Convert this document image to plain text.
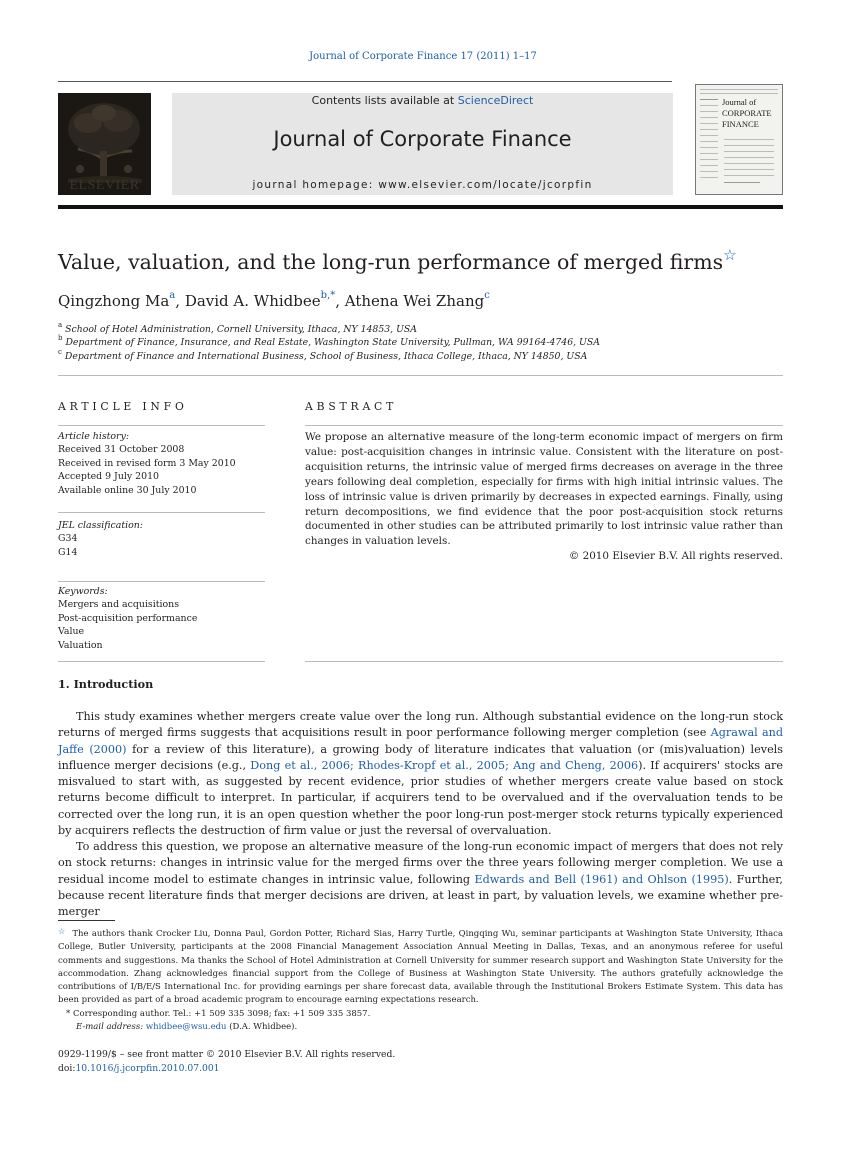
Journal of Corporate Finance 17 (2011) 1–17
ELSEVIER
Contents lists available at ScienceDirect
Journal of Corporate Finance
journal homepage: www.elsevier.com/locate/jcorpfin
Journal of CORPORATE FINANCE
Value, valuation, and the long-run performance of merged firms☆
Qingzhong Ma$^a$, David A. Whidbee$^{b,*}$, Athena Wei Zhang$^c$
$^a$ School of Hotel Administration, Cornell University, Ithaca, NY 14853, USA
$^b$ Department of Finance, Insurance, and Real Estate, Washington State University, Pullman, WA 99164-4746, USA
$^c$ Department of Finance and International Business, School of Business, Ithaca College, Ithaca, NY 14850, USA
ARTICLE INFO
Article history:
Received 31 October 2008
Received in revised form 3 May 2010
Accepted 9 July 2010
Available online 30 July 2010
JEL classification:
G34
G14
Keywords:
Mergers and acquisitions
Post-acquisition performance
Value
Valuation
ABSTRACT
We propose an alternative measure of the long-term economic impact of mergers on firm value: post-acquisition changes in intrinsic value. Consistent with the literature on post-acquisition returns, the intrinsic value of merged firms decreases on average in the three years following deal completion, especially for firms with high initial intrinsic values. The loss of intrinsic value is driven primarily by decreases in expected earnings. Finally, using return decompositions, we find evidence that the poor post-acquisition stock returns documented in other studies can be attributed primarily to lost intrinsic value rather than changes in valuation levels.
© 2010 Elsevier B.V. All rights reserved.
1. Introduction

This study examines whether mergers create value over the long run. Although substantial evidence on the long-run stock returns of merged firms suggests that acquisitions result in poor performance following merger completion (see Agrawal and Jaffe (2000) for a review of this literature), a growing body of literature indicates that valuation (or (mis)valuation) levels influence merger decisions (e.g., Dong et al., 2006; Rhodes-Kropf et al., 2005; Ang and Cheng, 2006). If acquirers' stocks are misvalued to start with, as suggested by recent evidence, prior studies of whether mergers create value based on stock returns become difficult to interpret. In particular, if acquirers tend to be overvalued and if the overvaluation tends to be corrected over the long run, it is an open question whether the poor long-run post-merger stock returns typically experienced by acquirers reflects the destruction of firm value or just the reversal of overvaluation.

To address this question, we propose an alternative measure of the long-run economic impact of mergers that does not rely on stock returns: changes in intrinsic value for the merged firms over the three years following merger completion. We use a residual income model to estimate changes in intrinsic value, following Edwards and Bell (1961) and Ohlson (1995). Further, because recent literature finds that merger decisions are driven, at least in part, by valuation levels, we examine whether pre-merger

☆ The authors thank Crocker Liu, Donna Paul, Gordon Potter, Richard Sias, Harry Turtle, Qingqing Wu, seminar participants at Washington State University, Ithaca College, Butler University, participants at the 2008 Financial Management Association Annual Meeting in Dallas, Texas, and an anonymous referee for useful comments and suggestions. Ma thanks the School of Hotel Administration at Cornell University for summer research support and Washington State University for the accommodation. Zhang acknowledges financial support from the College of Business at Washington State University. The authors gratefully acknowledge the contributions of I/B/E/S International Inc. for providing earnings per share forecast data, available through the Institutional Brokers Estimate System. This data has been provided as part of a broad academic program to encourage earning expectations research.

* Corresponding author. Tel.: +1 509 335 3098; fax: +1 509 335 3857.

E-mail address: whidbee@wsu.edu (D.A. Whidbee).

0929-1199/$ – see front matter © 2010 Elsevier B.V. All rights reserved.
doi:10.1016/j.jcorpfin.2010.07.001
